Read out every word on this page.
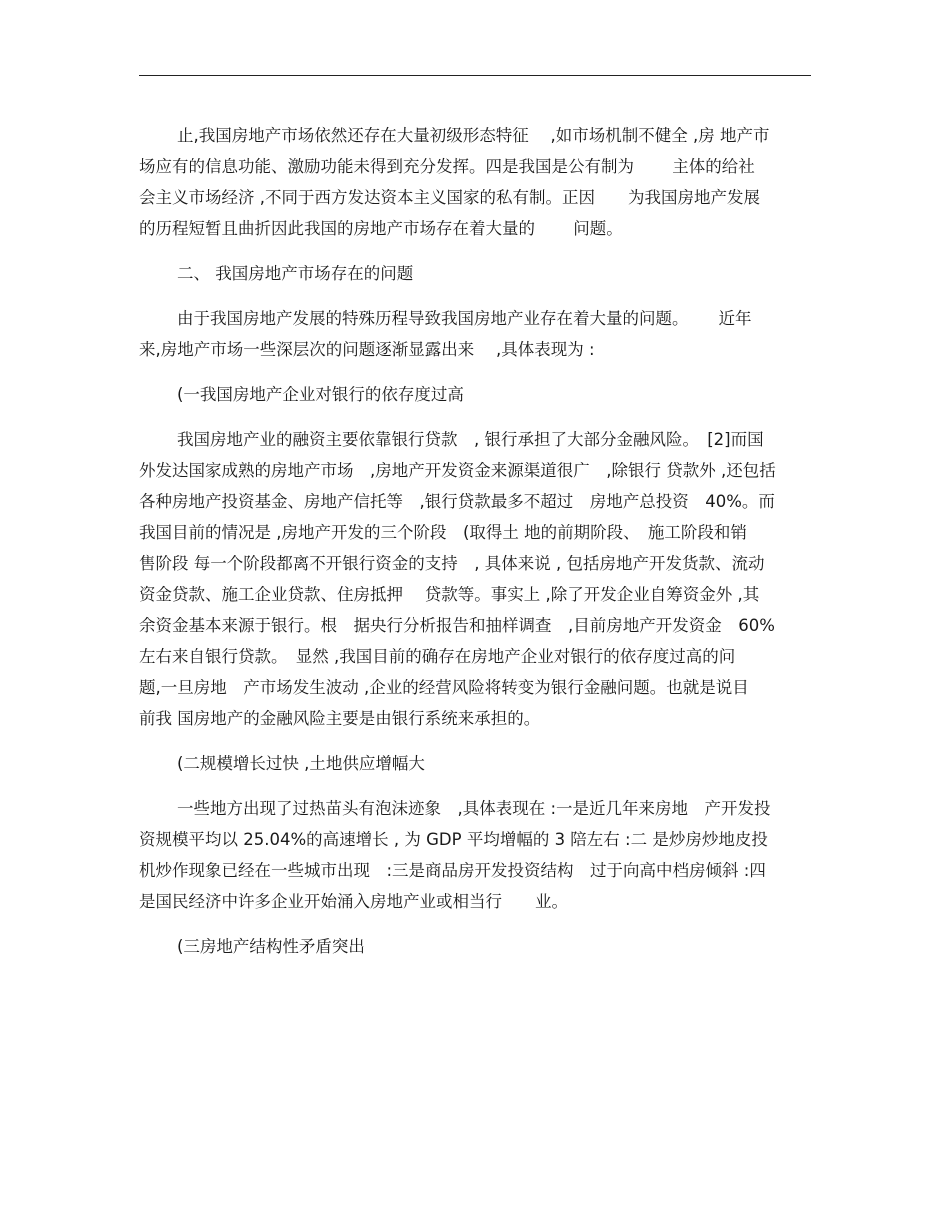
止,我国房地产市场依然还存在大量初级形态特征　 ,如市场机制不健全 ,房 地产市
场应有的信息功能、激励功能未得到充分发挥。四是我国是公有制为　　 主体的给社
会主义市场经济 ,不同于西方发达资本主义国家的私有制。正因　　为我国房地产发展
的历程短暂且曲折因此我国的房地产市场存在着大量的　　 问题。
二、 我国房地产市场存在的问题
由于我国房地产发展的特殊历程导致我国房地产业存在着大量的问题。　　 近年
来,房地产市场一些深层次的问题逐渐显露出来　 ,具体表现为 :
(一我国房地产企业对银行的依存度过高
我国房地产业的融资主要依靠银行贷款　, 银行承担了大部分金融风险。　[2]而国
外发达国家成熟的房地产市场　,房地产开发资金来源渠道很广　,除银行 贷款外 ,还包括
各种房地产投资基金、房地产信托等　,银行贷款最多不超过　房地产总投资　40%。而
我国目前的情况是 ,房地产开发的三个阶段　(取得土 地的前期阶段、　施工阶段和销
售阶段 每一个阶段都离不开银行资金的支持　, 具体来说 , 包括房地产开发货款、流动
资金贷款、施工企业贷款、住房抵押　 贷款等。事实上 ,除了开发企业自筹资金外 ,其
余资金基本来源于银行。根　据央行分析报告和抽样调查　,目前房地产开发资金　60%
左右来自银行贷款。　显然 ,我国目前的确存在房地产企业对银行的依存度过高的问
题,一旦房地　产市场发生波动 ,企业的经营风险将转变为银行金融问题。也就是说目
前我 国房地产的金融风险主要是由银行系统来承担的。
(二规模增长过快 ,土地供应增幅大
一些地方出现了过热苗头有泡沫迹象　,具体表现在 :一是近几年来房地　产开发投
资规模平均以 25.04%的高速增长 , 为 GDP 平均增幅的 3 陪左右 :二 是炒房炒地皮投
机炒作现象已经在一些城市出现　:三是商品房开发投资结构　过于向高中档房倾斜 :四
是国民经济中许多企业开始涌入房地产业或相当行　　业。
(三房地产结构性矛盾突出
